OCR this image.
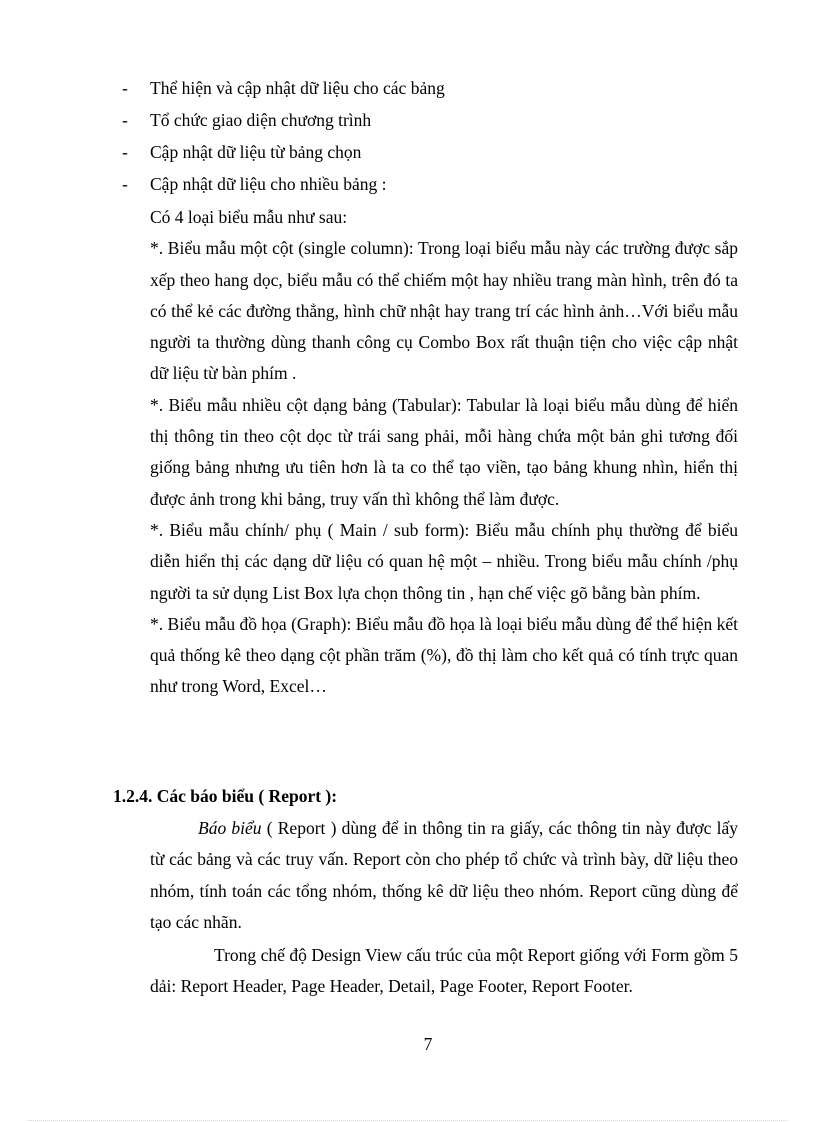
-	Thể hiện và cập nhật dữ liệu cho các bảng
-	Tổ chức giao diện chương trình
-	Cập nhật dữ liệu từ bảng chọn
-	Cập nhật dữ liệu cho nhiều bảng :

Có 4 loại biểu mẫu như sau:

*. Biểu mẫu một cột (single column): Trong loại biểu mẫu này các trường được sắp xếp theo hang dọc, biểu mẫu có thể chiếm một hay nhiều trang màn hình, trên đó ta có thể kẻ các đường thẳng, hình chữ nhật hay trang trí các hình ảnh…Với biểu mẫu người ta thường dùng thanh công cụ Combo Box rất thuận tiện cho việc cập nhật dữ liệu từ bàn phím .

*. Biểu mẫu nhiều cột dạng bảng (Tabular): Tabular là loại biểu mẫu dùng để hiển thị thông tin theo cột dọc từ trái sang phải, mỗi hàng chứa một bản ghi tương đối giống bảng nhưng ưu tiên hơn là ta co thể tạo viền, tạo bảng khung nhìn, hiển thị được ảnh trong khi bảng, truy vấn thì không thể làm được.

*. Biểu mẫu chính/ phụ ( Main / sub form): Biểu mẫu chính phụ thường để biểu diễn hiển thị các dạng dữ liệu có quan hệ một – nhiều. Trong biểu mẫu chính /phụ người ta sử dụng List Box lựa chọn thông tin , hạn chế việc gõ bằng bàn phím.

*. Biểu mẫu đồ họa (Graph): Biểu mẫu đồ họa là loại biểu mẫu dùng để thể hiện kết quả thống kê theo dạng cột phần trăm (%), đồ thị làm cho kết quả có tính trực quan như trong Word, Excel…

1.2.4. Các báo biểu ( Report ):

Báo biểu ( Report ) dùng để in thông tin ra giấy, các thông tin này được lấy từ các bảng và các truy vấn. Report còn cho phép tổ chức và trình bày, dữ liệu theo nhóm, tính toán các tổng nhóm, thống kê dữ liệu theo nhóm. Report cũng dùng để tạo các nhãn.

Trong chế độ Design View cấu trúc của một Report giống với Form gồm 5 dải: Report Header, Page Header, Detail, Page Footer, Report Footer.

7
